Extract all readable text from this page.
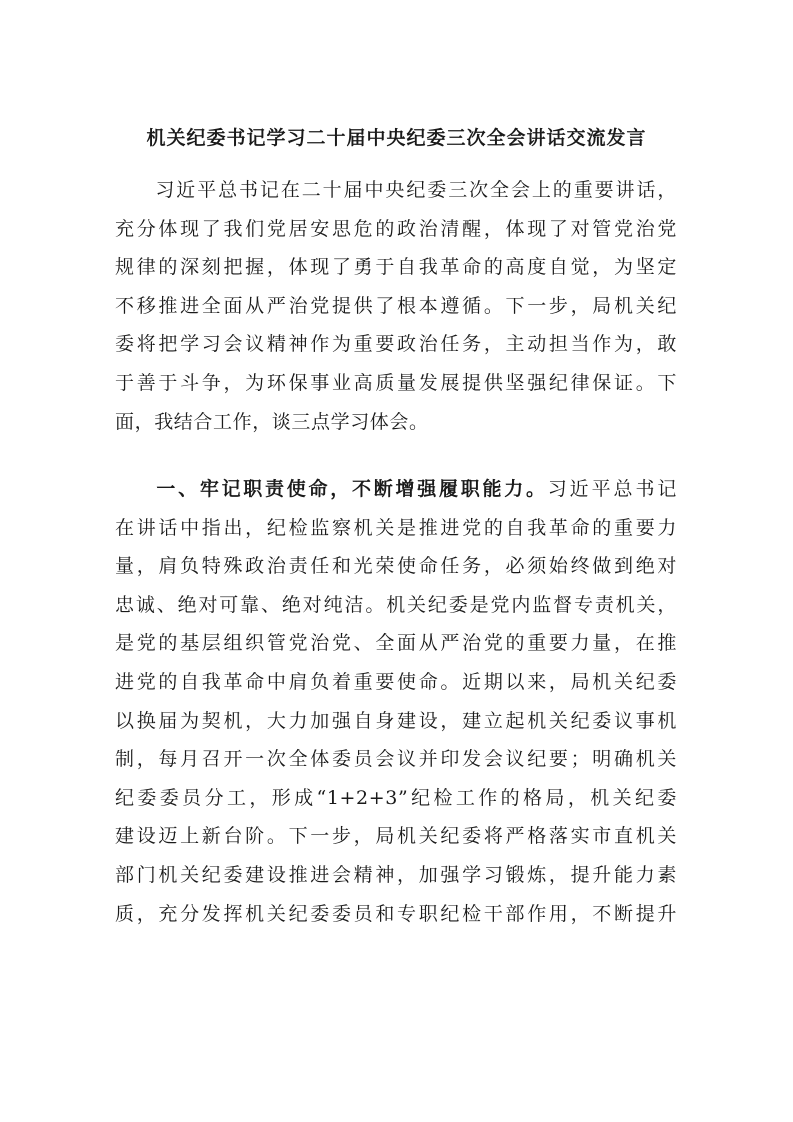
机关纪委书记学习二十届中央纪委三次全会讲话交流发言
习近平总书记在二十届中央纪委三次全会上的重要讲话，
充分体现了我们党居安思危的政治清醒，体现了对管党治党
规律的深刻把握，体现了勇于自我革命的高度自觉，为坚定
不移推进全面从严治党提供了根本遵循。下一步，局机关纪
委将把学习会议精神作为重要政治任务，主动担当作为，敢
于善于斗争，为环保事业高质量发展提供坚强纪律保证。下
面，我结合工作，谈三点学习体会。
一、牢记职责使命，不断增强履职能力。习近平总书记
在讲话中指出，纪检监察机关是推进党的自我革命的重要力
量，肩负特殊政治责任和光荣使命任务，必须始终做到绝对
忠诚、绝对可靠、绝对纯洁。机关纪委是党内监督专责机关，
是党的基层组织管党治党、全面从严治党的重要力量，在推
进党的自我革命中肩负着重要使命。近期以来，局机关纪委
以换届为契机，大力加强自身建设，建立起机关纪委议事机
制，每月召开一次全体委员会议并印发会议纪要；明确机关
纪委委员分工，形成“1+2+3”纪检工作的格局，机关纪委
建设迈上新台阶。下一步，局机关纪委将严格落实市直机关
部门机关纪委建设推进会精神，加强学习锻炼，提升能力素
质，充分发挥机关纪委委员和专职纪检干部作用，不断提升
